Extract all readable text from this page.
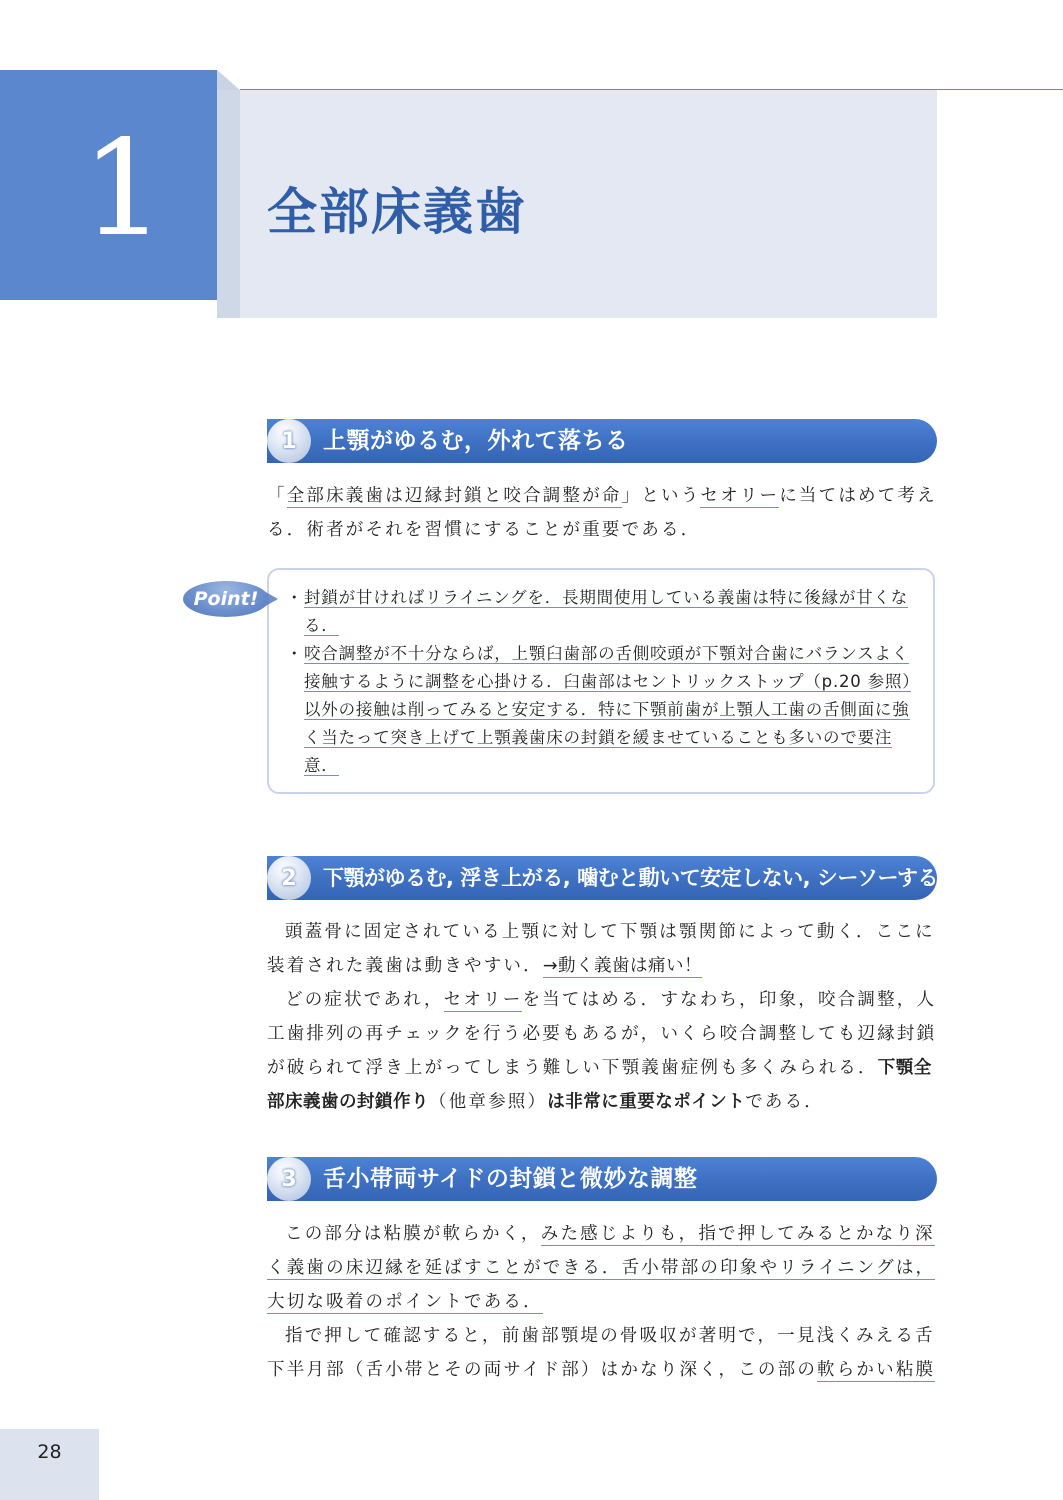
1 全部床義歯
1	上顎がゆるむ，外れて落ちる

「全部床義歯は辺縁封鎖と咬合調整が命」というセオリーに当てはめて考える．術者がそれを習慣にすることが重要である．

Point!	・ 封鎖が甘ければリライニングを．長期間使用している義歯は特に後縁が甘くなる．
・ 咬合調整が不十分ならば，上顎臼歯部の舌側咬頭が下顎対合歯にバランスよく接触するように調整を心掛ける．臼歯部はセントリックストップ（p.20 参照）以外の接触は削ってみると安定する．特に下顎前歯が上顎人工歯の舌側面に強く当たって突き上げて上顎義歯床の封鎖を緩ませていることも多いので要注意．
2	下顎がゆるむ, 浮き上がる, 噛むと動いて安定しない, シーソーする

頭蓋骨に固定されている上顎に対して下顎は顎関節によって動く．ここに装着された義歯は動きやすい．→動く義歯は痛い！

どの症状であれ，セオリーを当てはめる．すなわち，印象，咬合調整，人工歯排列の再チェックを行う必要もあるが，いくら咬合調整しても辺縁封鎖が破られて浮き上がってしまう難しい下顎義歯症例も多くみられる．下顎全部床義歯の封鎖作り（他章参照）は非常に重要なポイントである．

3	舌小帯両サイドの封鎖と微妙な調整

この部分は粘膜が軟らかく，みた感じよりも，指で押してみるとかなり深く義歯の床辺縁を延ばすことができる．舌小帯部の印象やリライニングは，大切な吸着のポイントである．

指で押して確認すると，前歯部顎堤の骨吸収が著明で，一見浅くみえる舌下半月部（舌小帯とその両サイド部）はかなり深く，この部の軟らかい粘膜

28
